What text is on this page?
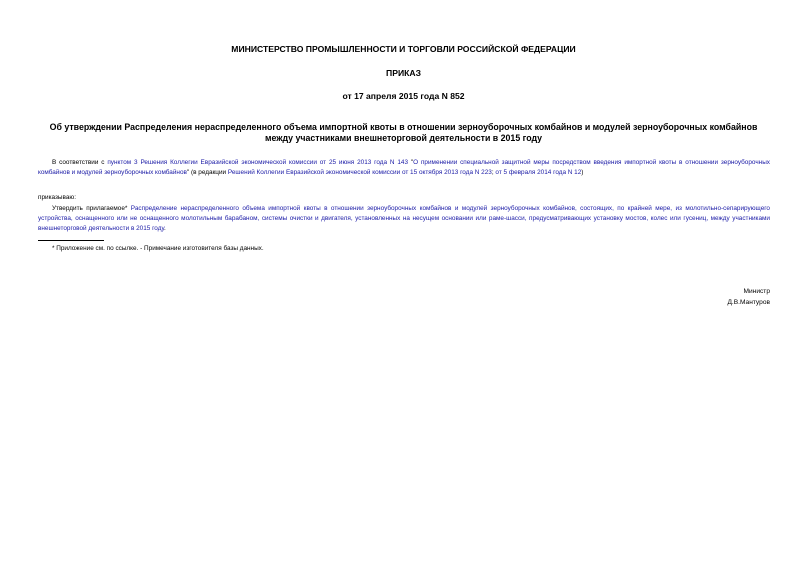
МИНИСТЕРСТВО ПРОМЫШЛЕННОСТИ И ТОРГОВЛИ РОССИЙСКОЙ ФЕДЕРАЦИИ
ПРИКАЗ
от 17 апреля 2015 года N 852
Об утверждении Распределения нераспределенного объема импортной квоты в отношении зерноуборочных комбайнов и модулей зерноуборочных комбайнов
между участниками внешнеторговой деятельности в 2015 году
В соответствии с пунктом 3 Решения Коллегии Евразийской экономической комиссии от 25 июня 2013 года N 143 "О применении специальной защитной меры посредством введения импортной квоты в отношении зерноуборочных комбайнов и модулей зерноуборочных комбайнов" (в редакции Решений Коллегии Евразийской экономической комиссии от 15 октября 2013 года N 223; от 5 февраля 2014 года N 12)
приказываю:
Утвердить прилагаемое* Распределение нераспределенного объема импортной квоты в отношении зерноуборочных комбайнов и модулей зерноуборочных комбайнов, состоящих, по крайней мере, из молотильно-сепарирующего устройства, оснащенного или не оснащенного молотильным барабаном, системы очистки и двигателя, установленных на несущем основании или раме-шасси, предусматривающих установку мостов, колес или гусениц, между участниками внешнеторговой деятельности в 2015 году.
* Приложение см. по ссылке. - Примечание изготовителя базы данных.
Министр
Д.В.Мантуров
